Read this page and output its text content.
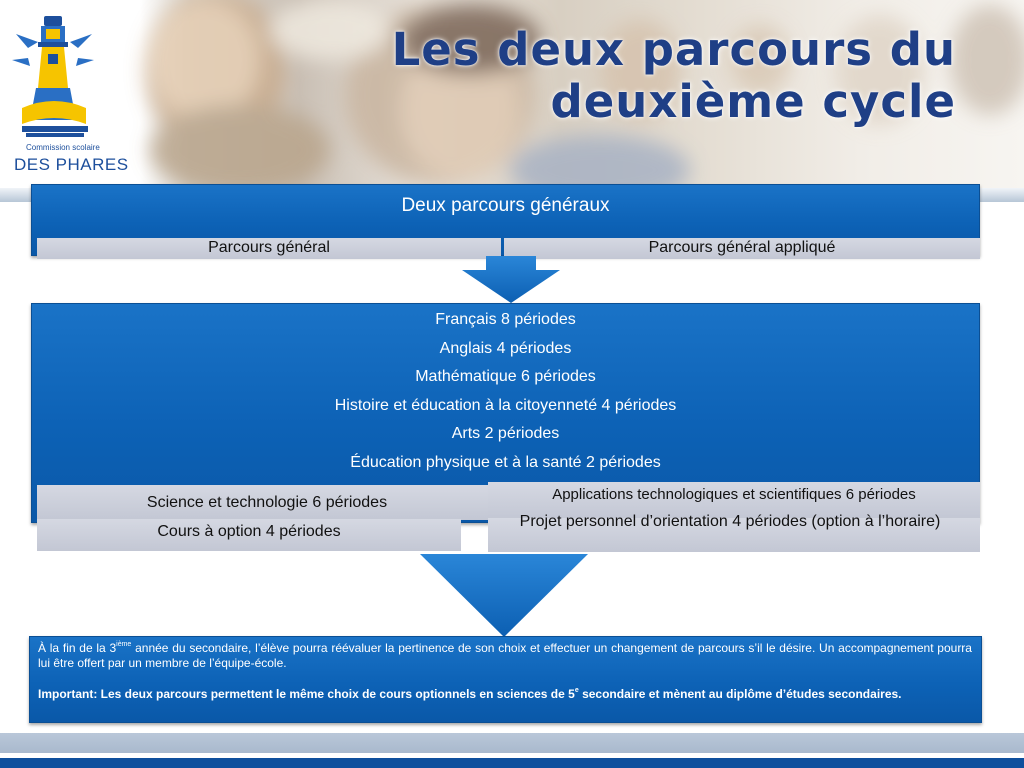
Commission scolaire
DES PHARES
Les deux parcours du
deuxième cycle
Deux parcours généraux
Parcours général	Parcours général appliqué
Français 8 périodes
Anglais 4 périodes
Mathématique 6 périodes
Histoire et éducation à la citoyenneté 4 périodes
Arts 2 périodes
Éducation physique et à la santé 2 périodes
Science et technologie 6 périodes
Cours à option 4 périodes
Applications technologiques et scientifiques 6 périodes
Projet personnel d’orientation 4 périodes (option à l’horaire)

À la fin de la 3ième année du secondaire, l’élève pourra réévaluer la pertinence de son choix et effectuer un changement de parcours s’il le désire. Un accompagnement pourra lui être offert par un membre de l’équipe-école.

Important: Les deux parcours permettent le même choix de cours optionnels en sciences de 5e secondaire et mènent au diplôme d’études secondaires.
